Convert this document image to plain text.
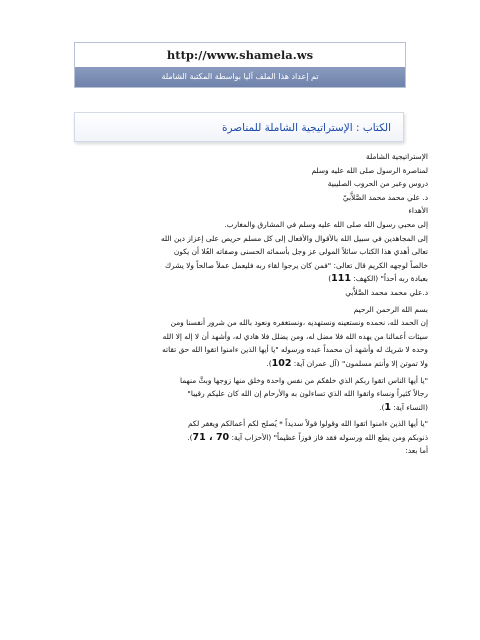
http://www.shamela.ws
تم إعداد هذا الملف آليا بواسطة المكتبة الشاملة
الكتاب : الإستراتيجية الشاملة للمناصرة
الإستراتيجية الشاملة
لمناصرة الرسول صلى الله عليه وسلم
دروس وعبر من الحروب الصليبية
د. علي محمد محمد الصَّلاَّبيّ
الأهداء
إلى محبي رسول الله صلى الله عليه وسلم في المشارق والمغارب.
إلى المجاهدين في سبيل الله بالأقوال والأفعال إلى كل مسلم حريص على إعزاز دين الله
تعالى أهدي هذا الكتاب سائلاً المولى عز وجل بأسمائه الحسنى وصفاته العُلا أن يكون
خالصاً لوجهه الكريم قال تعالى: "فمن كان يرجوا لقاء ربه فليعمل عملاً صالحاً ولا يشرك
بعبادة ربه أحداً" (الكهف: 111)
د.علي محمد محمد الصَّلاَّبي
بسم الله الرحمن الرحيم
إن الحمد لله، نحمده ونستعينه ونستهديه ،ونستغفره ونعود بالله من شرور أنفسنا ومن
سيئات أعمالنا من يهده الله فلا مضل له، ومن يضلل فلا هادي له، وأشهد أن لا إله إلا الله
وحده لا شريك له وأشهد أن محمداً عبده ورسوله "يا أيها الذين ءامنوا اتقوا الله حق تقاته
ولا تموتن إلا وأنتم مسلمون" (آل عمران آية: 102).
"يا أيها الناس اتقوا ربكم الذي خلقكم من نفس واحدة وخلق منها زوجها وبثَّ منهما
رجالاً كثيراً ونساء واتقوا الله الذي تساءلون به والأرحام إن الله كان عليكم رقيبا"
(النساء آية: 1).
"يا أيها الذين ءامنوا اتقوا الله وقولوا قولاً سديداً * يُصلح لكم أعمالكم ويغفر لكم
ذنوبكم ومن يطع الله ورسوله فقد فاز فوزاً عظيماً" (الأحزاب آية: 70 ، 71).
أما بعد:
